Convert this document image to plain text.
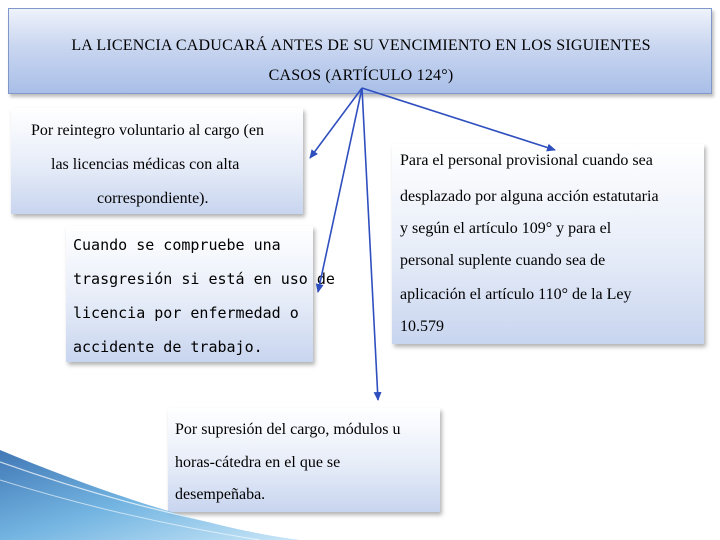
LA LICENCIA CADUCARÁ ANTES DE SU VENCIMIENTO EN LOS SIGUIENTES
CASOS (ARTÍCULO 124°)
Por reintegro voluntario al cargo (en
las licencias médicas con alta
correspondiente).
Cuando se compruebe una
trasgresión si está en uso de
licencia por enfermedad o
accidente de trabajo.
Para el personal provisional cuando sea
desplazado por alguna acción estatutaria
y según el artículo 109° y para el
personal suplente cuando sea de
aplicación el artículo 110° de la Ley
10.579
Por supresión del cargo, módulos u
horas-cátedra en el que se
desempeñaba.
